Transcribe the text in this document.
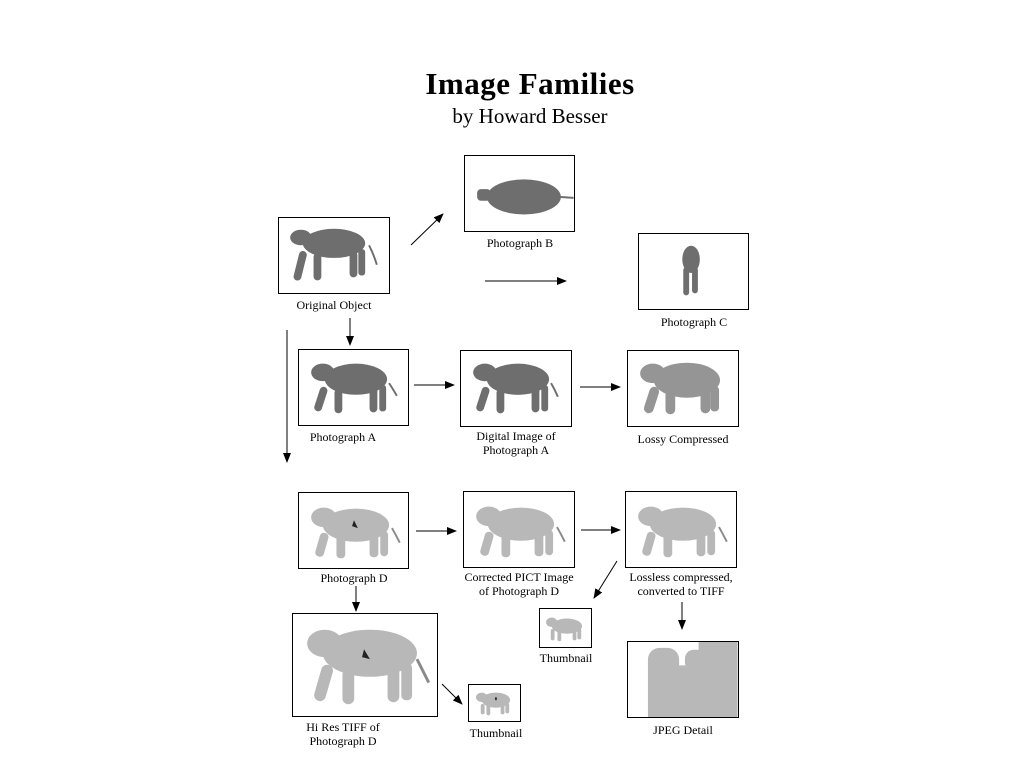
Image Families
by Howard Besser
Original Object
Photograph B
Photograph C
Photograph A	Digital Image of
Photograph A
Lossy Compressed
Photograph D	Corrected PICT Image
of Photograph D
Lossless compressed,
converted to TIFF
Thumbnail
JPEG Detail
Hi Res TIFF of
Photograph D
Thumbnail
